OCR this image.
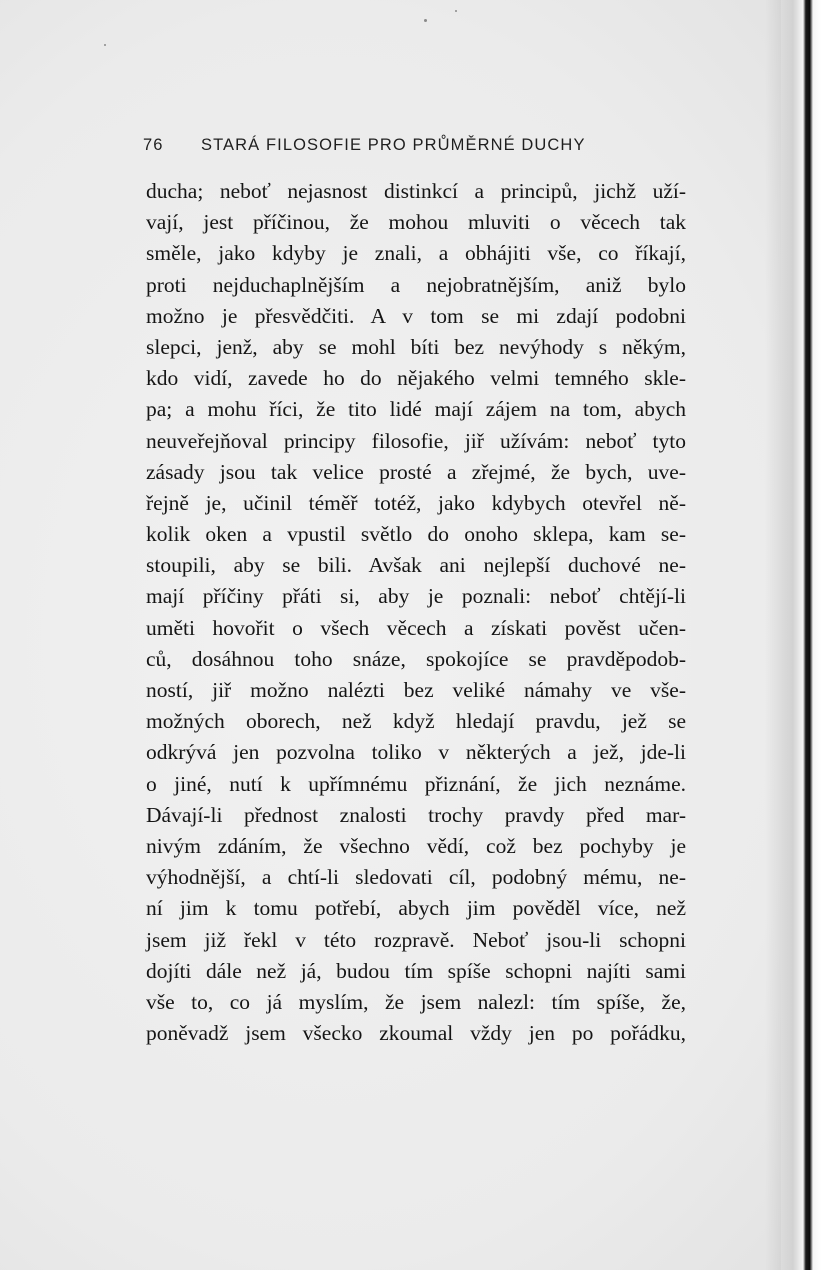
76 STARÁ FILOSOFIE PRO PRŮMĚRNÉ DUCHY
ducha; neboť nejasnost distinkcí a principů, jichž uží-
vají, jest příčinou, že mohou mluviti o věcech tak
směle, jako kdyby je znali, a obhájiti vše, co říkají,
proti nejduchaplnějším a nejobratnějším, aniž bylo
možno je přesvědčiti. A v tom se mi zdají podobni
slepci, jenž, aby se mohl bíti bez nevýhody s někým,
kdo vidí, zavede ho do nějakého velmi temného skle-
pa; a mohu říci, že tito lidé mají zájem na tom, abych
neuveřejňoval principy filosofie, jiř užívám: neboť tyto
zásady jsou tak velice prosté a zřejmé, že bych, uve-
řejně je, učinil téměř totéž, jako kdybych otevřel ně-
kolik oken a vpustil světlo do onoho sklepa, kam se-
stoupili, aby se bili. Avšak ani nejlepší duchové ne-
mají příčiny přáti si, aby je poznali: neboť chtějí-li
uměti hovořit o všech věcech a získati pověst učen-
ců, dosáhnou toho snáze, spokojíce se pravděpodob-
ností, jiř možno nalézti bez veliké námahy ve vše-
možných oborech, než když hledají pravdu, jež se
odkrývá jen pozvolna toliko v některých a jež, jde-li
o jiné, nutí k upřímnému přiznání, že jich neznáme.
Dávají-li přednost znalosti trochy pravdy před mar-
nivým zdáním, že všechno vědí, což bez pochyby je
výhodnější, a chtí-li sledovati cíl, podobný mému, ne-
ní jim k tomu potřebí, abych jim pověděl více, než
jsem již řekl v této rozpravě. Neboť jsou-li schopni
dojíti dále než já, budou tím spíše schopni najíti sami
vše to, co já myslím, že jsem nalezl: tím spíše, že,
poněvadž jsem všecko zkoumal vždy jen po pořádku,
